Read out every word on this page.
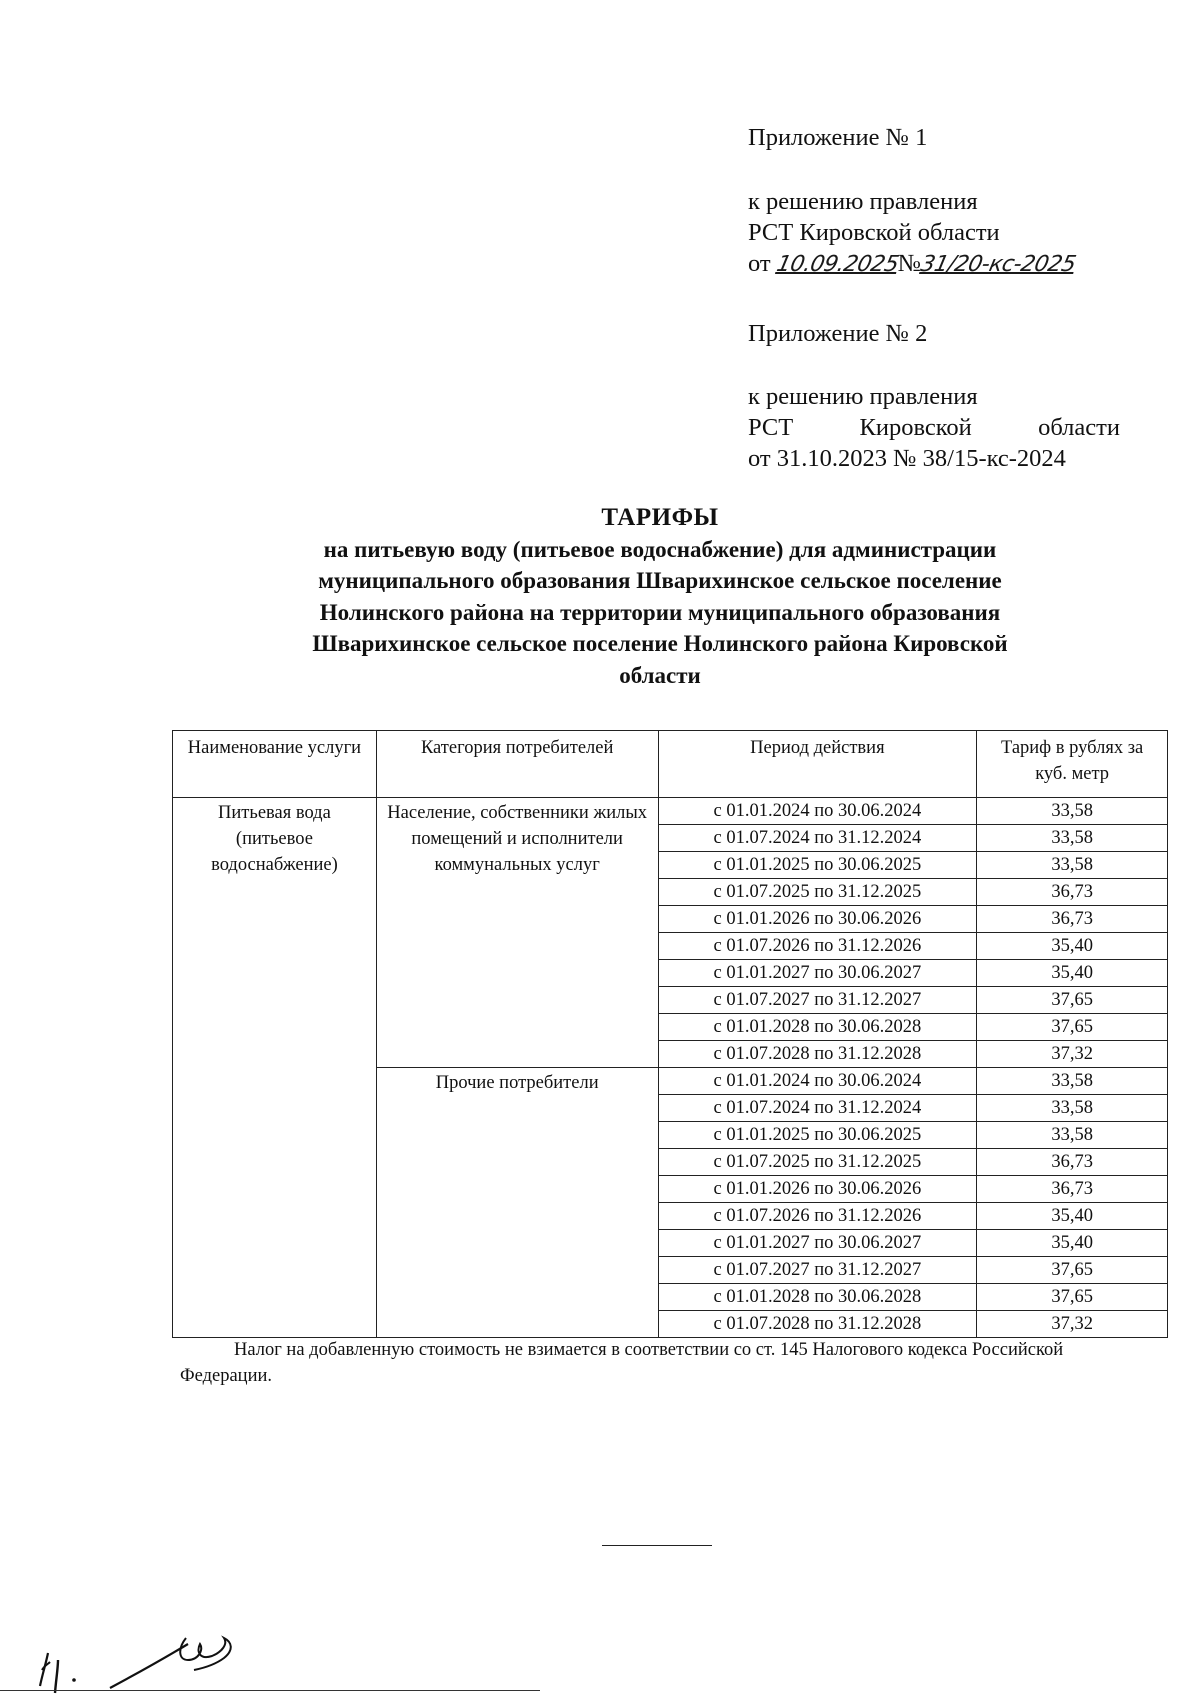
Приложение № 1
к решению правления
РСТ Кировской области
от 10.09.2025№31/20-кс-2025
Приложение № 2
к решению правления
РСТ	Кировской	области
от 31.10.2023 № 38/15-кс-2024
ТАРИФЫ
на питьевую воду (питьевое водоснабжение) для администрации
муниципального образования Шварихинское сельское поселение
Нолинского района на территории муниципального образования
Шварихинское сельское поселение Нолинского района Кировской
области
Наименование услуги	Категория потребителей	Период действия	Тариф в рублях за куб. метр
Питьевая вода (питьевое водоснабжение)	Население, собственники жилых помещений и исполнители коммунальных услуг	с 01.01.2024 по 30.06.2024	33,58
		с 01.07.2024 по 31.12.2024	33,58
		с 01.01.2025 по 30.06.2025	33,58
		с 01.07.2025 по 31.12.2025	36,73
		с 01.01.2026 по 30.06.2026	36,73
		с 01.07.2026 по 31.12.2026	35,40
		с 01.01.2027 по 30.06.2027	35,40
		с 01.07.2027 по 31.12.2027	37,65
		с 01.01.2028 по 30.06.2028	37,65
		с 01.07.2028 по 31.12.2028	37,32
	Прочие потребители	с 01.01.2024 по 30.06.2024	33,58
		с 01.07.2024 по 31.12.2024	33,58
		с 01.01.2025 по 30.06.2025	33,58
		с 01.07.2025 по 31.12.2025	36,73
		с 01.01.2026 по 30.06.2026	36,73
		с 01.07.2026 по 31.12.2026	35,40
		с 01.01.2027 по 30.06.2027	35,40
		с 01.07.2027 по 31.12.2027	37,65
		с 01.01.2028 по 30.06.2028	37,65
		с 01.07.2028 по 31.12.2028	37,32
Налог на добавленную стоимость не взимается в соответствии со ст. 145 Налогового кодекса Российской Федерации.
